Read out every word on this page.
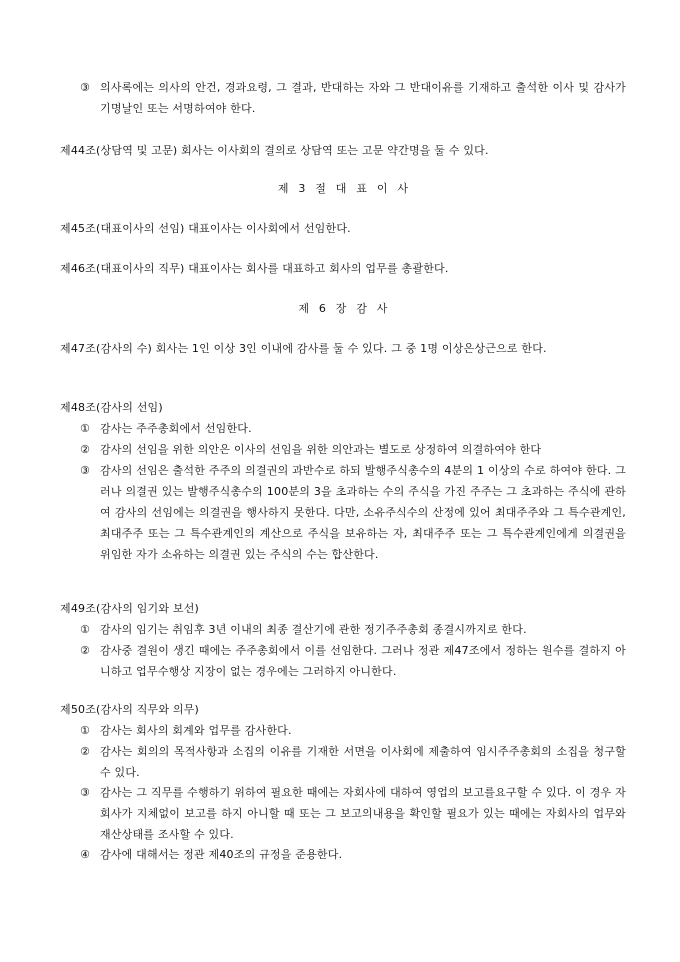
③ 의사록에는 의사의 안건, 경과요령, 그 결과, 반대하는 자와 그 반대이유를 기재하고 출석한 이사 및 감사가 기명날인 또는 서명하여야 한다.

제44조(상담역 및 고문) 회사는 이사회의 결의로 상담역 또는 고문 약간명을 둘 수 있다.

제 3 절 대 표 이 사

제45조(대표이사의 선임) 대표이사는 이사회에서 선임한다.

제46조(대표이사의 직무) 대표이사는 회사를 대표하고 회사의 업무를 총괄한다.

제 6 장 감 사

제47조(감사의 수) 회사는 1인 이상 3인 이내에 감사를 둘 수 있다. 그 중 1명 이상은상근으로 한다.

제48조(감사의 선임)

① 감사는 주주총회에서 선임한다.

② 감사의 선임을 위한 의안은 이사의 선임을 위한 의안과는 별도로 상정하여 의결하여야 한다

③ 감사의 선임은 출석한 주주의 의결권의 과반수로 하되 발행주식총수의 4분의 1 이상의 수로 하여야 한다. 그러나 의결권 있는 발행주식총수의 100분의 3을 초과하는 수의 주식을 가진 주주는 그 초과하는 주식에 관하여 감사의 선임에는 의결권을 행사하지 못한다. 다만, 소유주식수의 산정에 있어 최대주주와 그 특수관계인, 최대주주 또는 그 특수관계인의 계산으로 주식을 보유하는 자, 최대주주 또는 그 특수관계인에게 의결권을 위임한 자가 소유하는 의결권 있는 주식의 수는 합산한다.

제49조(감사의 임기와 보선)

① 감사의 임기는 취임후 3년 이내의 최종 결산기에 관한 정기주주총회 종결시까지로 한다.

② 감사중 결원이 생긴 때에는 주주총회에서 이를 선임한다. 그러나 정관 제47조에서 정하는 원수를 결하지 아니하고 업무수행상 지장이 없는 경우에는 그러하지 아니한다.

제50조(감사의 직무와 의무)

① 감사는 회사의 회계와 업무를 감사한다.

② 감사는 회의의 목적사항과 소집의 이유를 기재한 서면을 이사회에 제출하여 임시주주총회의 소집을 청구할 수 있다.

③ 감사는 그 직무를 수행하기 위하여 필요한 때에는 자회사에 대하여 영업의 보고를요구할 수 있다. 이 경우 자회사가 지체없이 보고를 하지 아니할 때 또는 그 보고의내용을 확인할 필요가 있는 때에는 자회사의 업무와 재산상태를 조사할 수 있다.

④ 감사에 대해서는 정관 제40조의 규정을 준용한다.
